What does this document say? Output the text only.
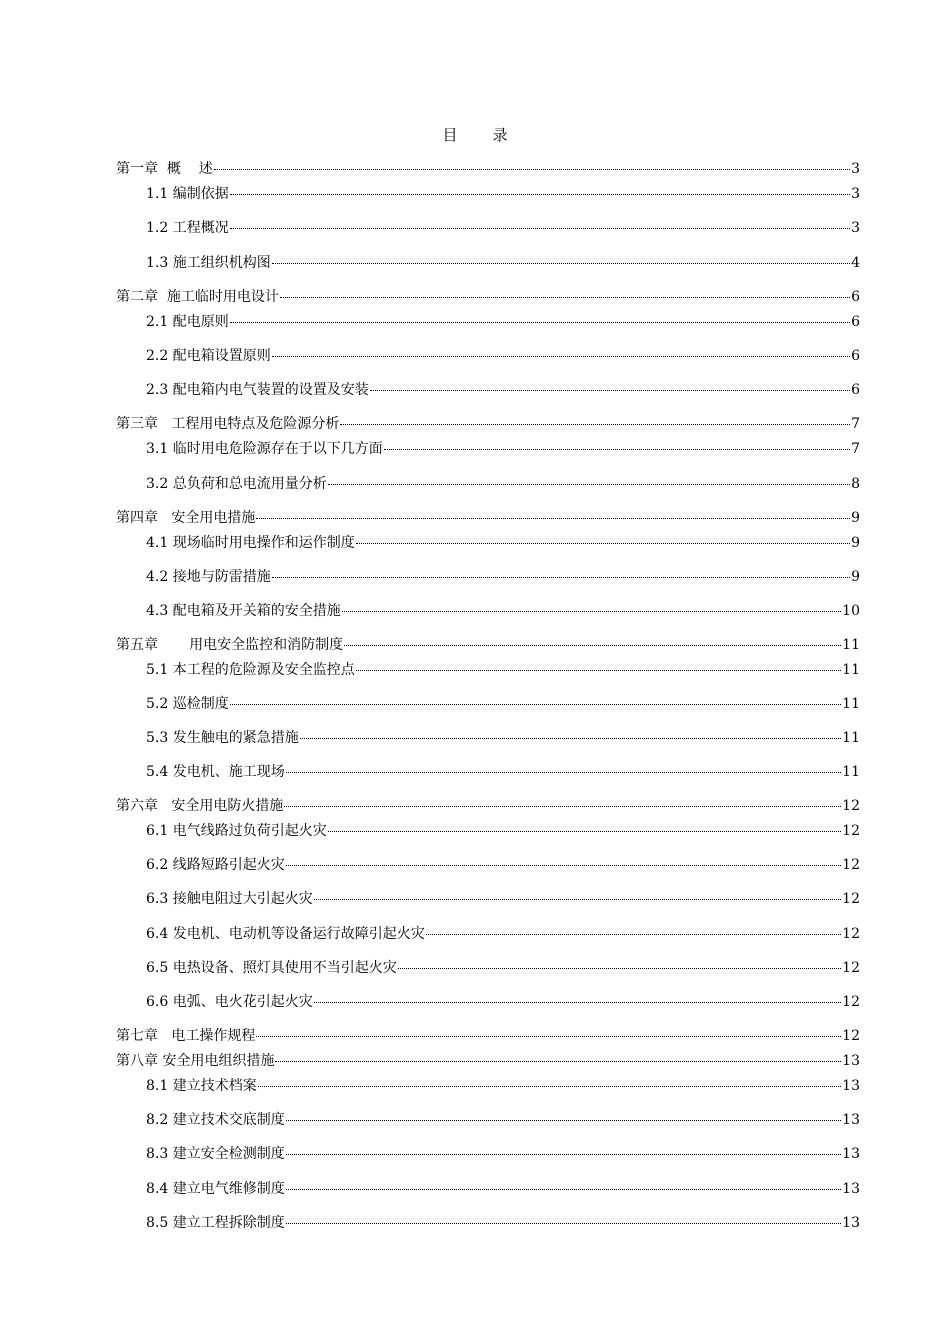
目　录
第一章  概    述	3
1.1 编制依据	3
1.2 工程概况	3
1.3 施工组织机构图	4
第二章  施工临时用电设计	6
2.1 配电原则	6
2.2 配电箱设置原则	6
2.3 配电箱内电气装置的设置及安装	6
第三章   工程用电特点及危险源分析	7
3.1 临时用电危险源存在于以下几方面	7
3.2 总负荷和总电流用量分析	8
第四章   安全用电措施	9
4.1 现场临时用电操作和运作制度	9
4.2 接地与防雷措施	9
4.3 配电箱及开关箱的安全措施	10
第五章       用电安全监控和消防制度	11
5.1 本工程的危险源及安全监控点	11
5.2 巡检制度	11
5.3 发生触电的紧急措施	11
5.4 发电机、施工现场	11
第六章   安全用电防火措施	12
6.1 电气线路过负荷引起火灾	12
6.2 线路短路引起火灾	12
6.3 接触电阻过大引起火灾	12
6.4 发电机、电动机等设备运行故障引起火灾	12
6.5 电热设备、照灯具使用不当引起火灾	12
6.6 电弧、电火花引起火灾	12
第七章   电工操作规程	12
第八章 安全用电组织措施	13
8.1 建立技术档案	13
8.2 建立技术交底制度	13
8.3 建立安全检测制度	13
8.4 建立电气维修制度	13
8.5 建立工程拆除制度	13
